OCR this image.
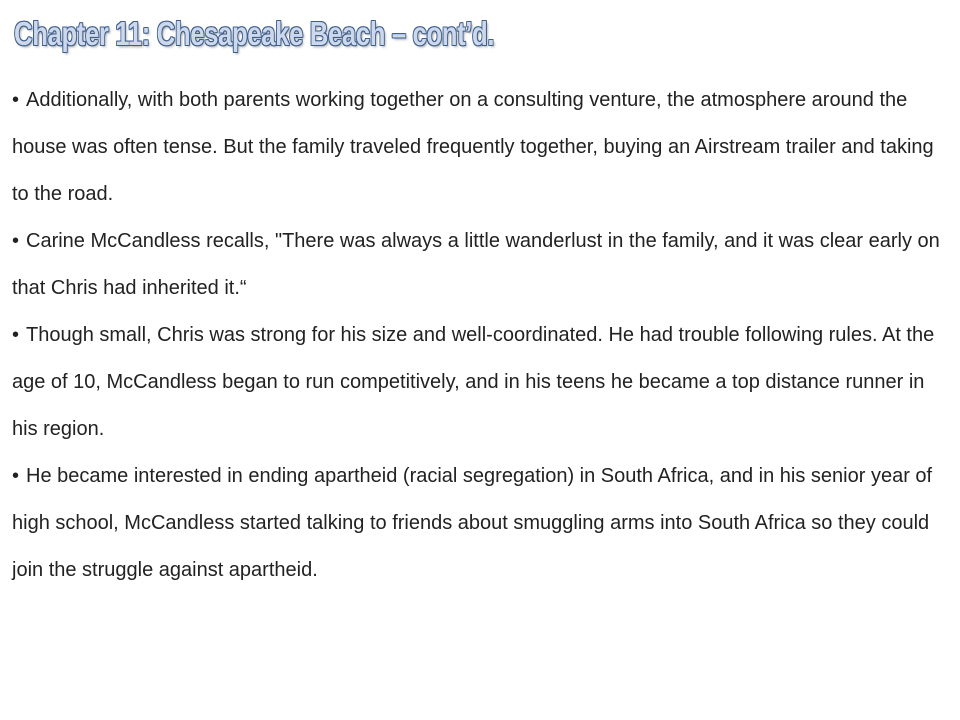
Chapter 11: Chesapeake Beach – cont’d.
• Additionally, with both parents working together on a consulting venture, the atmosphere around the house was often tense. But the family traveled frequently together, buying an Airstream trailer and taking to the road.
• Carine McCandless recalls, "There was always a little wanderlust in the family, and it was clear early on that Chris had inherited it.“
• Though small, Chris was strong for his size and well-coordinated. He had trouble following rules. At the age of 10, McCandless began to run competitively, and in his teens he became a top distance runner in his region.
• He became interested in ending apartheid (racial segregation) in South Africa, and in his senior year of high school, McCandless started talking to friends about smuggling arms into South Africa so they could join the struggle against apartheid.
